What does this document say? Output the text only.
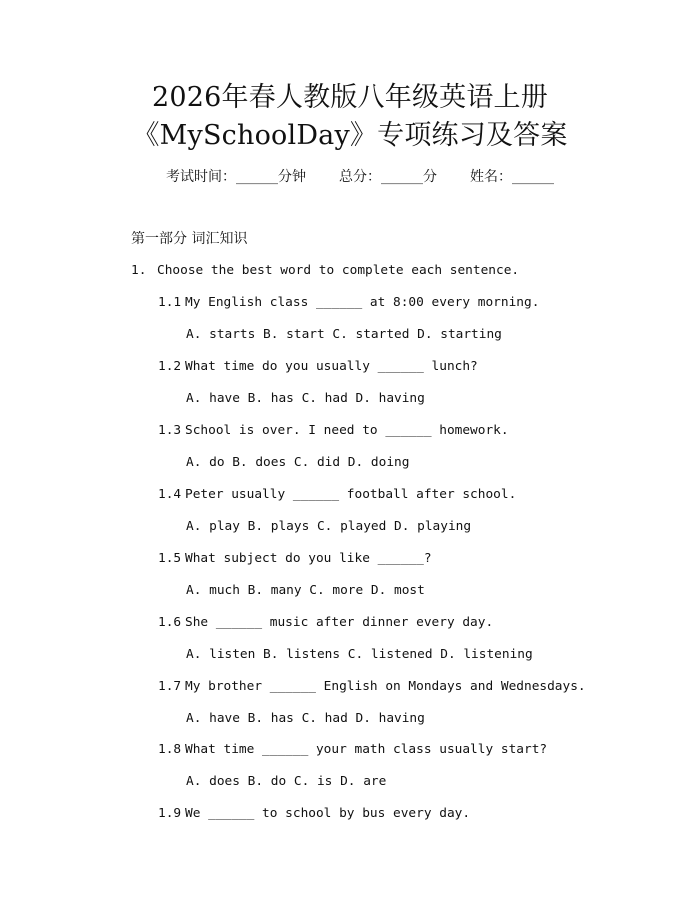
2026年春人教版八年级英语上册
《MySchoolDay》专项练习及答案
考试时间：______分钟 总分：______分 姓名：______
第一部分 词汇知识
1. Choose the best word to complete each sentence.
1.1 My English class ______ at 8:00 every morning.
A. starts B. start C. started D. starting
1.2 What time do you usually ______ lunch?
A. have B. has C. had D. having
1.3 School is over. I need to ______ homework.
A. do B. does C. did D. doing
1.4 Peter usually ______ football after school.
A. play B. plays C. played D. playing
1.5 What subject do you like ______?
A. much B. many C. more D. most
1.6 She ______ music after dinner every day.
A. listen B. listens C. listened D. listening
1.7 My brother ______ English on Mondays and Wednesdays.
A. have B. has C. had D. having
1.8 What time ______ your math class usually start?
A. does B. do C. is D. are
1.9 We ______ to school by bus every day.
